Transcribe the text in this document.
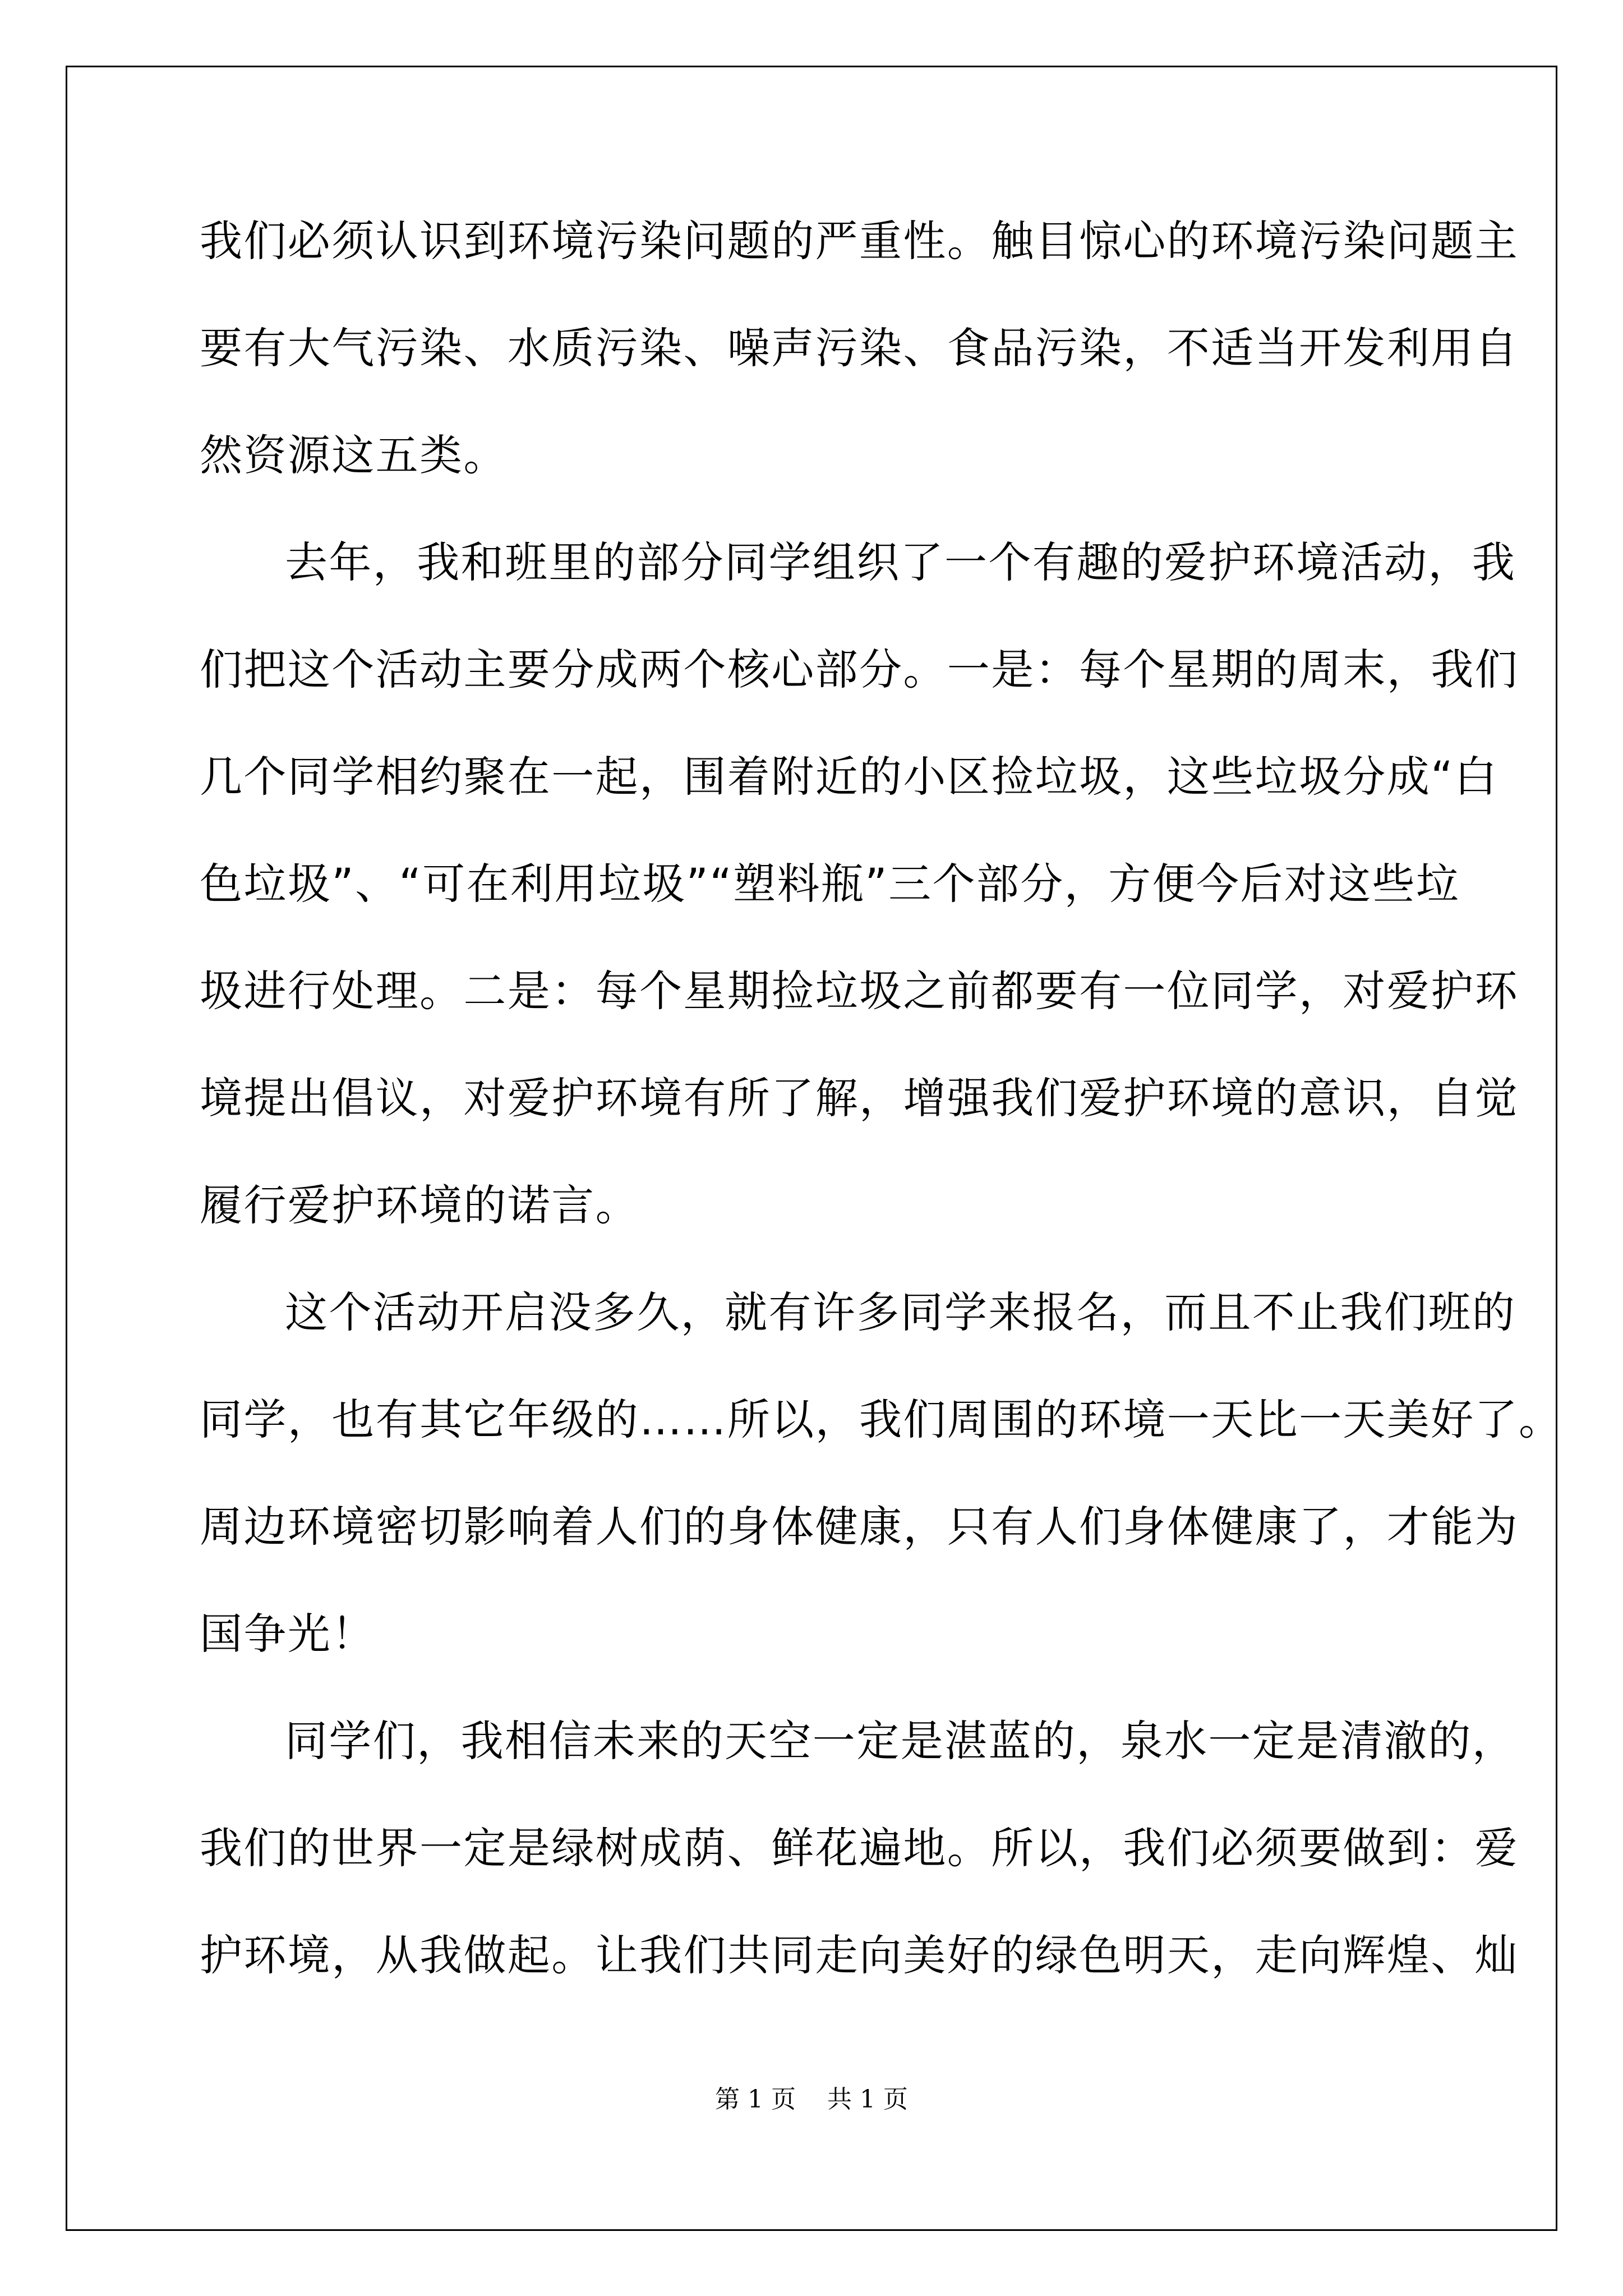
我们必须认识到环境污染问题的严重性。触目惊心的环境污染问题主
要有大气污染、水质污染、噪声污染、食品污染，不适当开发利用自
然资源这五类。
去年，我和班里的部分同学组织了一个有趣的爱护环境活动，我
们把这个活动主要分成两个核心部分。一是：每个星期的周末，我们
几个同学相约聚在一起，围着附近的小区捡垃圾，这些垃圾分成“白
色垃圾”、“可在利用垃圾”“塑料瓶”三个部分，方便今后对这些垃
圾进行处理。二是：每个星期捡垃圾之前都要有一位同学，对爱护环
境提出倡议，对爱护环境有所了解，增强我们爱护环境的意识，自觉
履行爱护环境的诺言。
这个活动开启没多久，就有许多同学来报名，而且不止我们班的
同学，也有其它年级的……所以，我们周围的环境一天比一天美好了。
周边环境密切影响着人们的身体健康，只有人们身体健康了，才能为
国争光！
同学们，我相信未来的天空一定是湛蓝的，泉水一定是清澈的，
我们的世界一定是绿树成荫、鲜花遍地。所以，我们必须要做到：爱
护环境，从我做起。让我们共同走向美好的绿色明天，走向辉煌、灿
第 1 页    共 1 页
